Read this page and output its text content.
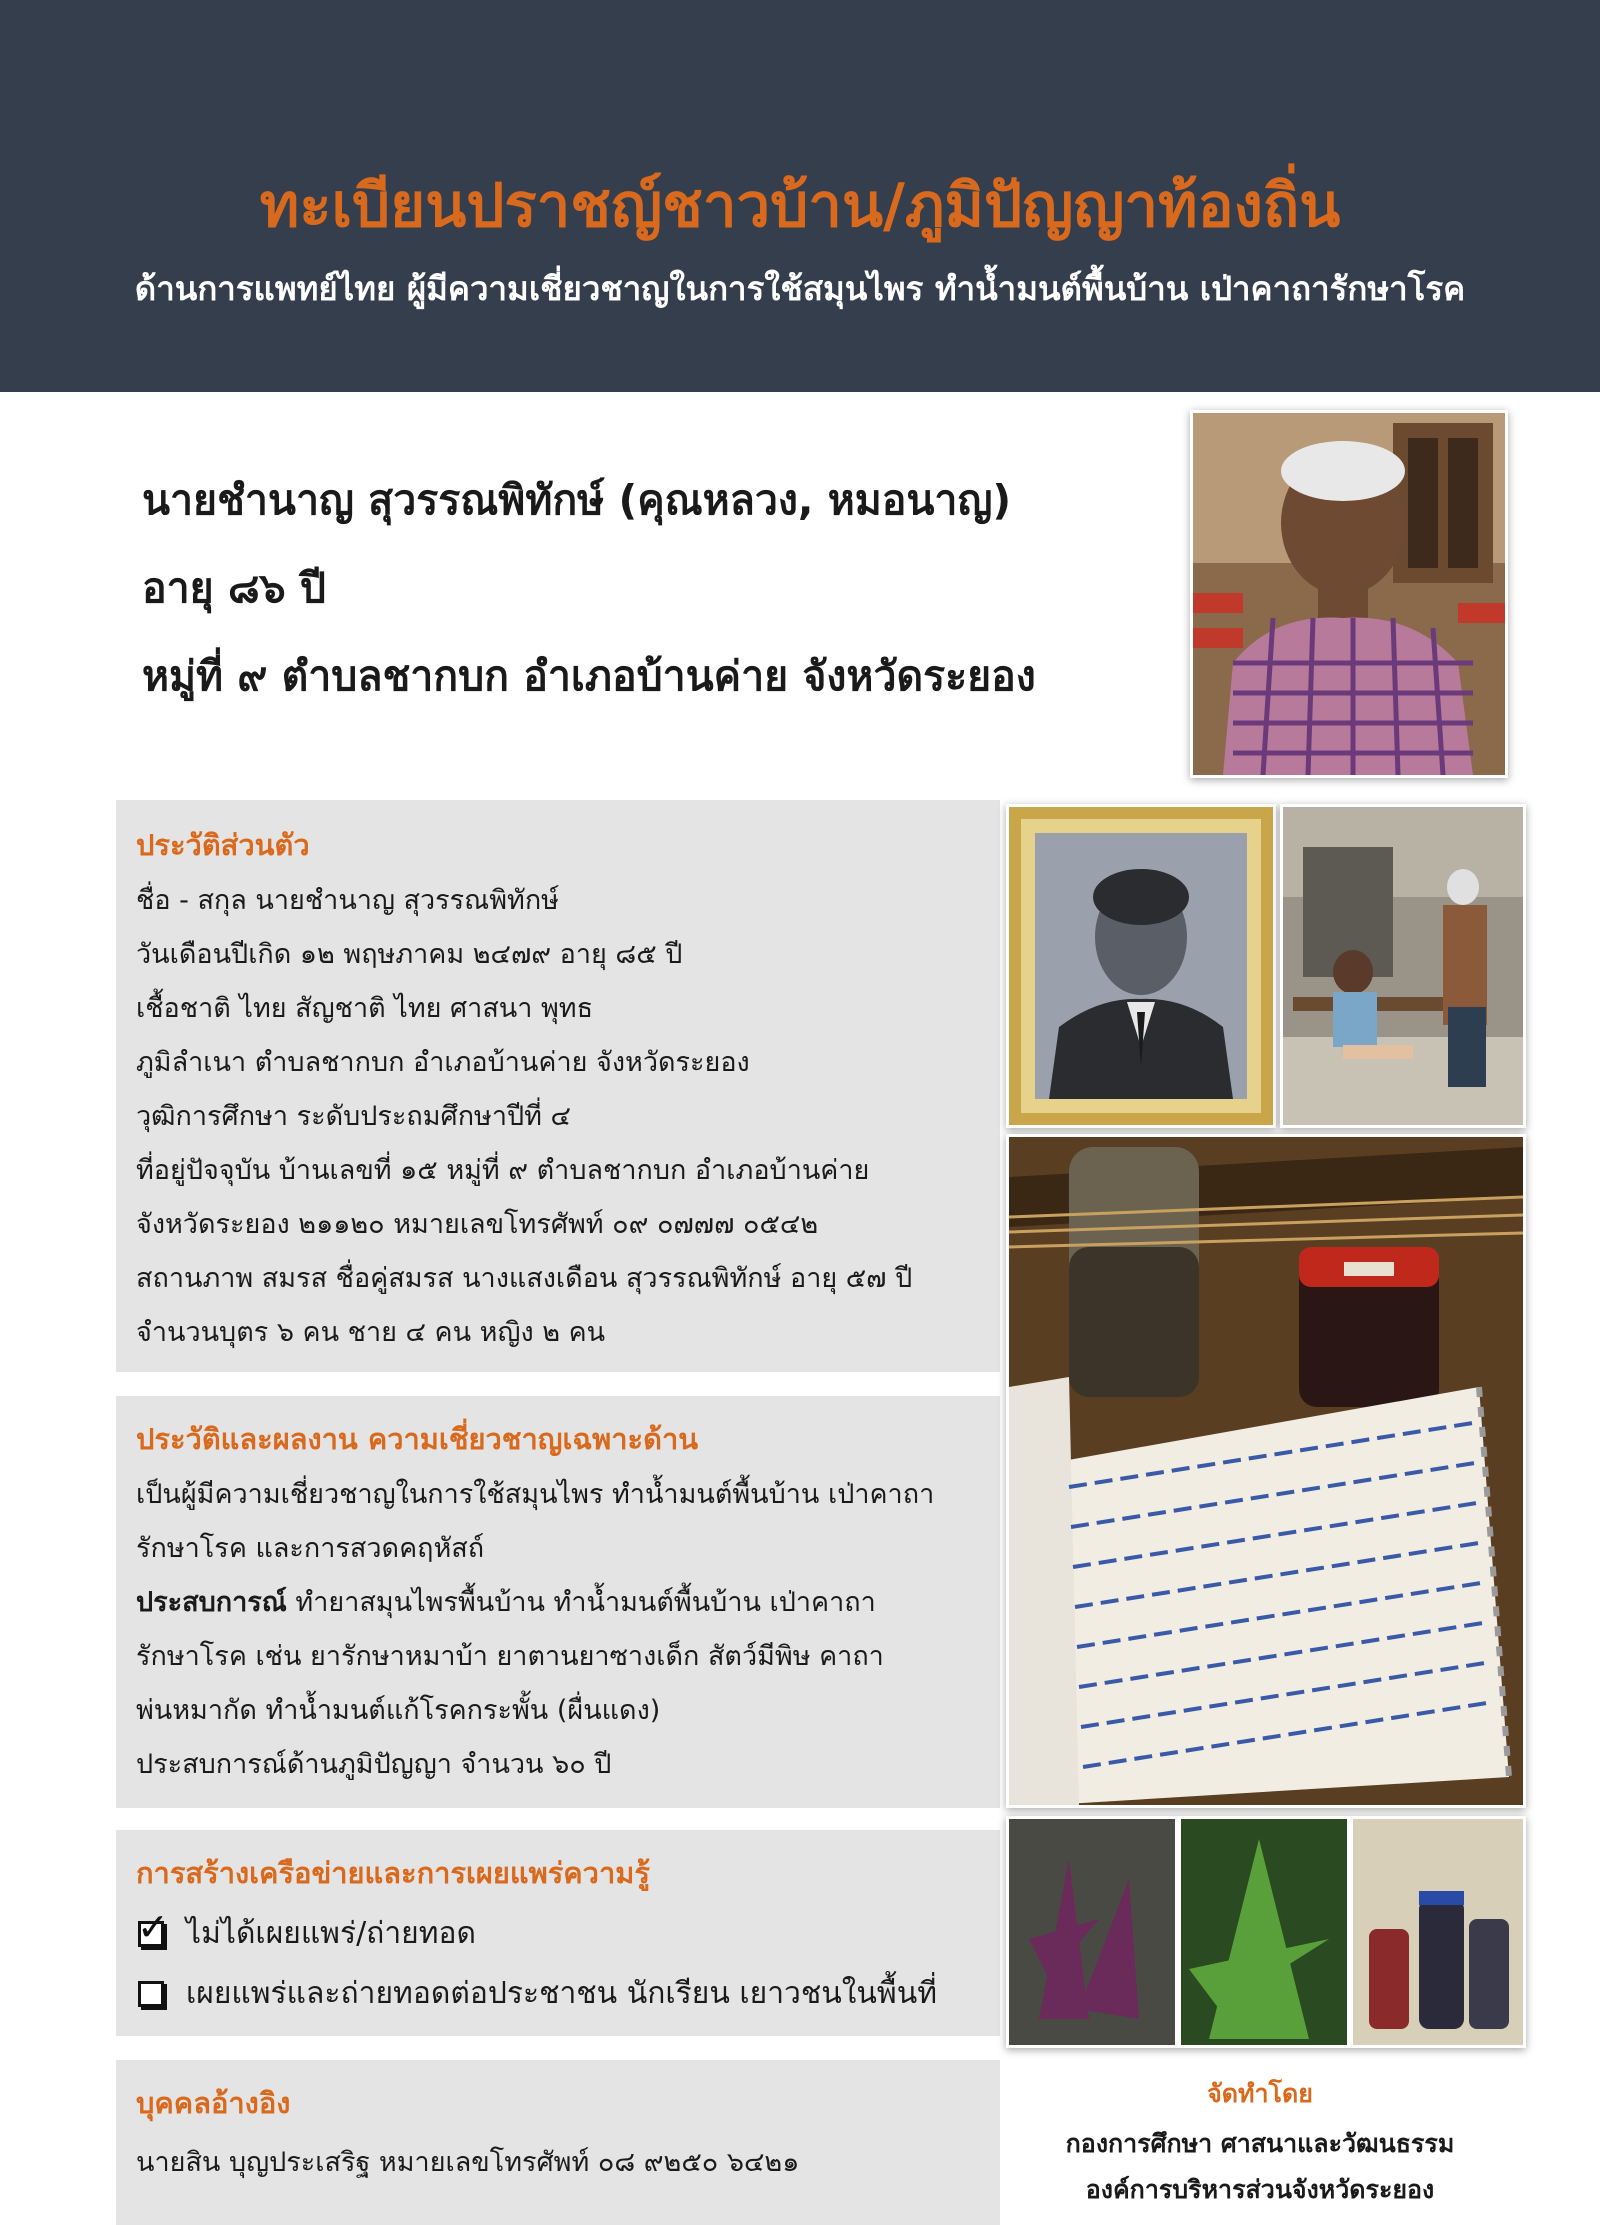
ทะเบียนปราชญ์ชาวบ้าน/ภูมิปัญญาท้องถิ่น
ด้านการแพทย์ไทย ผู้มีความเชี่ยวชาญในการใช้สมุนไพร ทำน้ำมนต์พื้นบ้าน เป่าคาถารักษาโรค
นายชำนาญ สุวรรณพิทักษ์ (คุณหลวง, หมอนาญ)
อายุ ๘๖ ปี
หมู่ที่ ๙ ตำบลชากบก อำเภอบ้านค่าย จังหวัดระยอง
ประวัติส่วนตัว
ชื่อ - สกุล นายชำนาญ สุวรรณพิทักษ์
วันเดือนปีเกิด ๑๒ พฤษภาคม ๒๔๗๙ อายุ ๘๕ ปี
เชื้อชาติ ไทย สัญชาติ ไทย ศาสนา พุทธ
ภูมิลำเนา ตำบลชากบก อำเภอบ้านค่าย จังหวัดระยอง
วุฒิการศึกษา ระดับประถมศึกษาปีที่ ๔
ที่อยู่ปัจจุบัน บ้านเลขที่ ๑๕ หมู่ที่ ๙ ตำบลชากบก อำเภอบ้านค่าย
จังหวัดระยอง ๒๑๑๒๐ หมายเลขโทรศัพท์ ๐๙ ๐๗๗๗ ๐๕๔๒
สถานภาพ สมรส ชื่อคู่สมรส นางแสงเดือน สุวรรณพิทักษ์ อายุ ๕๗ ปี
จำนวนบุตร ๖ คน ชาย ๔ คน หญิง ๒ คน
ประวัติและผลงาน ความเชี่ยวชาญเฉพาะด้าน
เป็นผู้มีความเชี่ยวชาญในการใช้สมุนไพร ทำน้ำมนต์พื้นบ้าน เป่าคาถา
รักษาโรค และการสวดคฤหัสถ์
ประสบการณ์ ทำยาสมุนไพรพื้นบ้าน ทำน้ำมนต์พื้นบ้าน เป่าคาถา
รักษาโรค เช่น ยารักษาหมาบ้า ยาตานยาซางเด็ก สัตว์มีพิษ คาถา
พ่นหมากัด ทำน้ำมนต์แก้โรคกระพั้น (ผื่นแดง)
ประสบการณ์ด้านภูมิปัญญา จำนวน ๖๐ ปี
การสร้างเครือข่ายและการเผยแพร่ความรู้
✓ ไม่ได้เผยแพร่/ถ่ายทอด
เผยแพร่และถ่ายทอดต่อประชาชน นักเรียน เยาวชนในพื้นที่
บุคคลอ้างอิง
นายสิน บุญประเสริฐ หมายเลขโทรศัพท์ ๐๘ ๙๒๕๐ ๖๔๒๑
จัดทำโดย
กองการศึกษา ศาสนาและวัฒนธรรม
องค์การบริหารส่วนจังหวัดระยอง
